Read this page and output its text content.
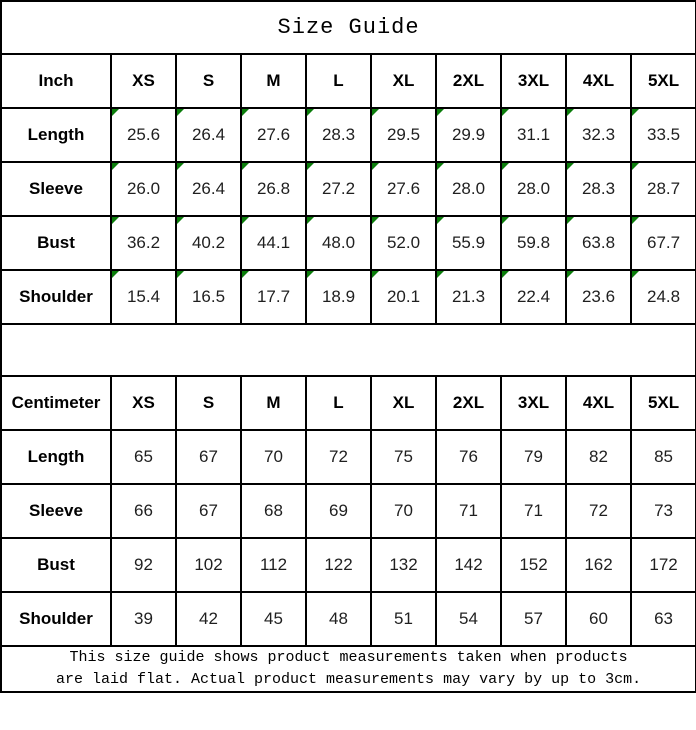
Size Guide									
Inch	XS	S	M	L	XL	2XL	3XL	4XL	5XL
Length	25.6	26.4	27.6	28.3	29.5	29.9	31.1	32.3	33.5

Sleeve	26.0	26.4	26.8	27.2	27.6	28.0	28.0	28.3	28.7

Bust	36.2	40.2	44.1	48.0	52.0	55.9	59.8	63.8	67.7

Shoulder	15.4	16.5	17.7	18.9	20.1	21.3	22.4	23.6	24.8

Centimeter	XS	S	M	L	XL	2XL	3XL	4XL	5XL
Length	65	67	70	72	75	76	79	82	85
Sleeve	66	67	68	69	70	71	71	72	73
Bust	92	102	112	122	132	142	152	162	172
Shoulder	39	42	45	48	51	54	57	60	63

This size guide shows product measurements taken when products
are laid flat. Actual product measurements may vary by up to 3cm.									
